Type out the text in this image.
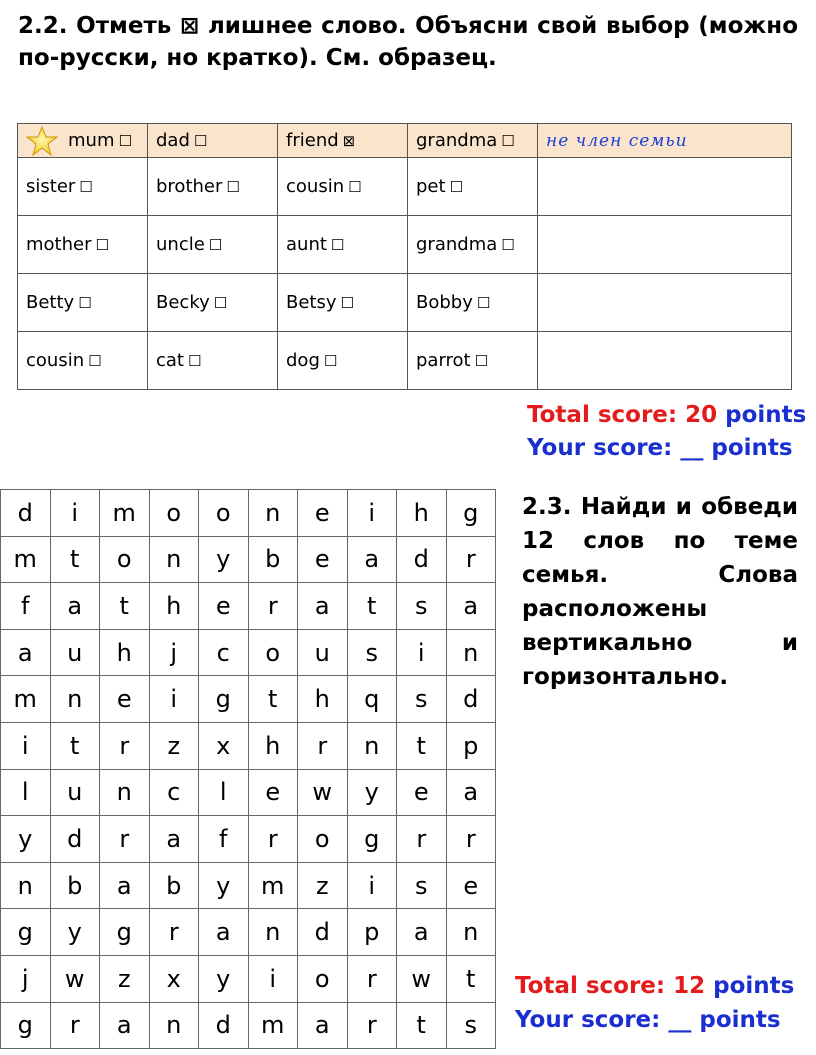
2.2. Отметь ⊠ лишнее слово. Объясни свой выбор (можно по-русски, но кратко). См. образец.
mum ☐	dad ☐	friend ⊠	grandma ☐	не член семьи
sister ☐	brother ☐	cousin ☐	pet ☐	
mother ☐	uncle ☐	aunt ☐	grandma ☐	
Betty ☐	Becky ☐	Betsy ☐	Bobby ☐	
cousin ☐	cat ☐	dog ☐	parrot ☐	
Total score: 20 points
Your score: __ points
d	i	m	o	o	n	e	i	h	g
m	t	o	n	y	b	e	a	d	r
f	a	t	h	e	r	a	t	s	a
a	u	h	j	c	o	u	s	i	n
m	n	e	i	g	t	h	q	s	d
i	t	r	z	x	h	r	n	t	p
l	u	n	c	l	e	w	y	e	a
y	d	r	a	f	r	o	g	r	r
n	b	a	b	y	m	z	i	s	e
g	y	g	r	a	n	d	p	a	n
j	w	z	x	y	i	o	r	w	t
g	r	a	n	d	m	a	r	t	s
2.3. Найди и обведи 12 слов по теме семья. Слова расположены вертикально и горизонтально.
Total score: 12 points
Your score: __ points
